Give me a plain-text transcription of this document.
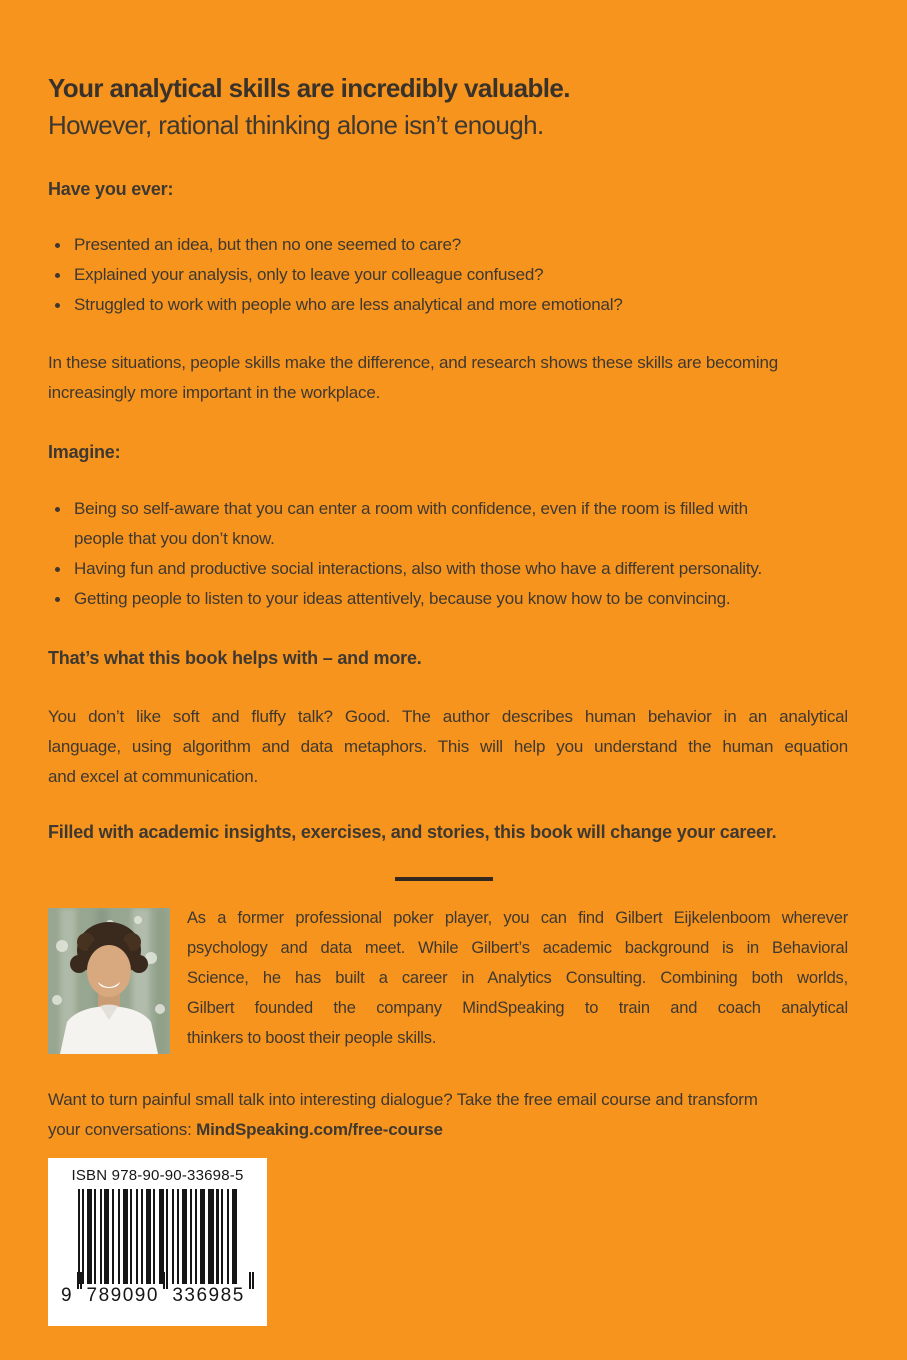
Your analytical skills are incredibly valuable.
However, rational thinking alone isn’t enough.
Have you ever:
Presented an idea, but then no one seemed to care?
Explained your analysis, only to leave your colleague confused?
Struggled to work with people who are less analytical and more emotional?
In these situations, people skills make the difference, and research shows these skills are becoming
increasingly more important in the workplace.
Imagine:
Being so self-aware that you can enter a room with confidence, even if the room is filled with
people that you don’t know.
Having fun and productive social interactions, also with those who have a different personality.
Getting people to listen to your ideas attentively, because you know how to be convincing.
That’s what this book helps with – and more.
You don’t like soft and fluffy talk? Good. The author describes human behavior in an analytical
language, using algorithm and data metaphors. This will help you understand the human equation
and excel at communication.
Filled with academic insights, exercises, and stories, this book will change your career.
As a former professional poker player, you can find Gilbert Eijkelenboom wherever
psychology and data meet. While Gilbert’s academic background is in Behavioral
Science, he has built a career in Analytics Consulting. Combining both worlds,
Gilbert founded the company MindSpeaking to train and coach analytical
thinkers to boost their people skills.
Want to turn painful small talk into interesting dialogue? Take the free email course and transform
your conversations: MindSpeaking.com/free-course
ISBN 978-90-90-33698-5
9 789090 336985
